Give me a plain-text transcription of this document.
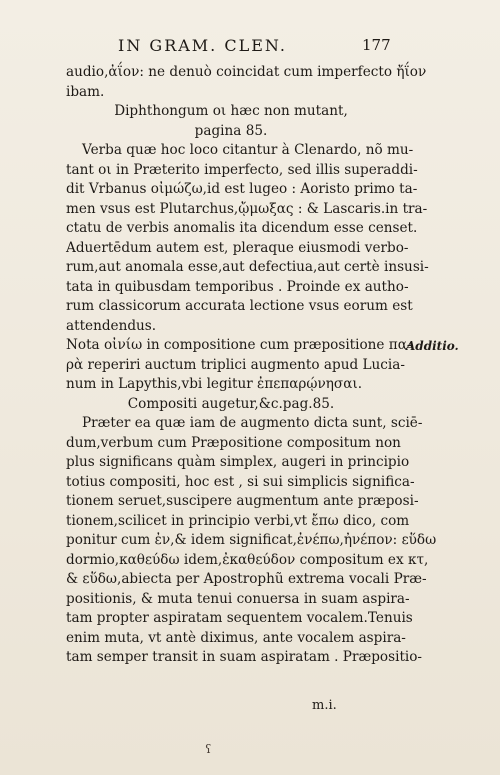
IN GRAM. CLEN.	177
audio,ἀΐον: ne denuò coincidat cum imperfecto ἤΐον
ibam.
Diphthongum οι hæc non mutant,
pagina 85.
Verba quæ hoc loco citantur à Clenardo, nõ mu-
tant οι in Præterito imperfecto, sed illis superaddi-
dit Vrbanus οἰμώζω,id est lugeo : Aoristo primo ta-
men vsus est Plutarchus,ᾤμωξας : & Lascaris.in tra-
ctatu de verbis anomalis ita dicendum esse censet.
Aduertēdum autem est, pleraque eiusmodi verbo-
rum,aut anomala esse,aut defectiua,aut certè insusi-
tata in quibusdam temporibus . Proinde ex autho-
rum classicorum accurata lectione vsus eorum est
attendendus.
Nota οἰνίω in compositione cum præpositione πα-
ρὰ reperiri auctum triplici augmento apud Lucia-
num in Lapythis,vbi legitur ἐπεπαρῴνησαι.
Compositi augetur,&c.pag.85.
Præter ea quæ iam de augmento dicta sunt, sciē-
dum,verbum cum Præpositione compositum non
plus significans quàm simplex, augeri in principio
totius compositi, hoc est , si sui simplicis significa-
tionem seruet,suscipere augmentum ante præposi-
tionem,scilicet in principio verbi,vt ἔπω dico, com
ponitur cum ἐν,& idem significat,ἐνέπω,ἠνέπον: εὕδω
dormio,καθεύδω idem,ἐκαθεύδον compositum ex κτ,
& εὕδω,abiecta per Apostrophũ extrema vocali Præ-
positionis, & muta tenui conuersa in suam aspira-
tam propter aspiratam sequentem vocalem.Tenuis
enim muta, vt antè diximus, ante vocalem aspira-
tam semper transit in suam aspiratam . Præpositio-
Additio.
m.i.
ʕ
